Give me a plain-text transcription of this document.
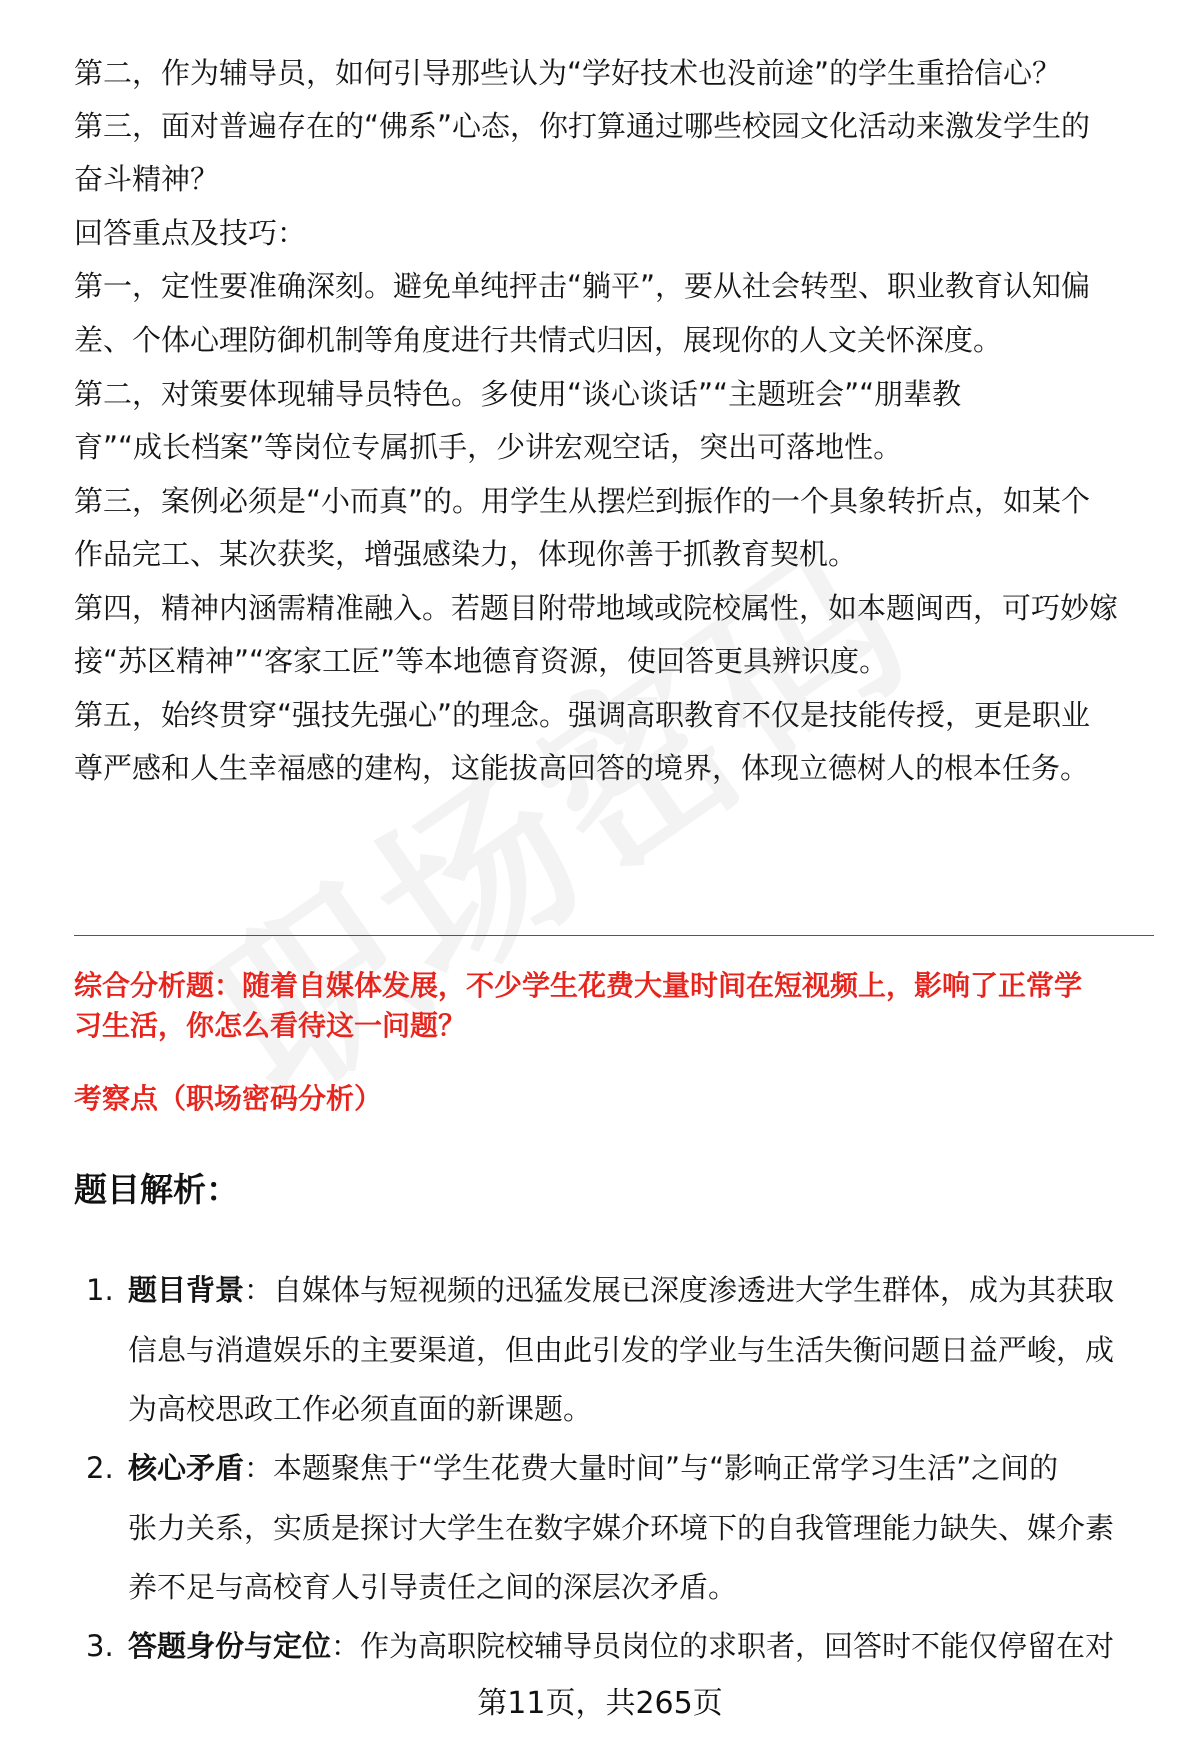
第二，作为辅导员，如何引导那些认为“学好技术也没前途”的学生重拾信心？
第三，面对普遍存在的“佛系”心态，你打算通过哪些校园文化活动来激发学生的
奋斗精神？
回答重点及技巧：
第一，定性要准确深刻。避免单纯抨击“躺平”，要从社会转型、职业教育认知偏
差、个体心理防御机制等角度进行共情式归因，展现你的人文关怀深度。
第二，对策要体现辅导员特色。多使用“谈心谈话”“主题班会”“朋辈教
育”“成长档案”等岗位专属抓手，少讲宏观空话，突出可落地性。
第三，案例必须是“小而真”的。用学生从摆烂到振作的一个具象转折点，如某个
作品完工、某次获奖，增强感染力，体现你善于抓教育契机。
第四，精神内涵需精准融入。若题目附带地域或院校属性，如本题闽西，可巧妙嫁
接“苏区精神”“客家工匠”等本地德育资源，使回答更具辨识度。
第五，始终贯穿“强技先强心”的理念。强调高职教育不仅是技能传授，更是职业
尊严感和人生幸福感的建构，这能拔高回答的境界，体现立德树人的根本任务。
综合分析题：随着自媒体发展，不少学生花费大量时间在短视频上，影响了正常学
习生活，你怎么看待这一问题？
考察点（职场密码分析）
题目解析：
1. 题目背景：自媒体与短视频的迅猛发展已深度渗透进大学生群体，成为其获取
信息与消遣娱乐的主要渠道，但由此引发的学业与生活失衡问题日益严峻，成
为高校思政工作必须直面的新课题。
2. 核心矛盾：本题聚焦于“学生花费大量时间”与“影响正常学习生活”之间的
张力关系，实质是探讨大学生在数字媒介环境下的自我管理能力缺失、媒介素
养不足与高校育人引导责任之间的深层次矛盾。
3. 答题身份与定位：作为高职院校辅导员岗位的求职者，回答时不能仅停留在对
第11页，共265页
